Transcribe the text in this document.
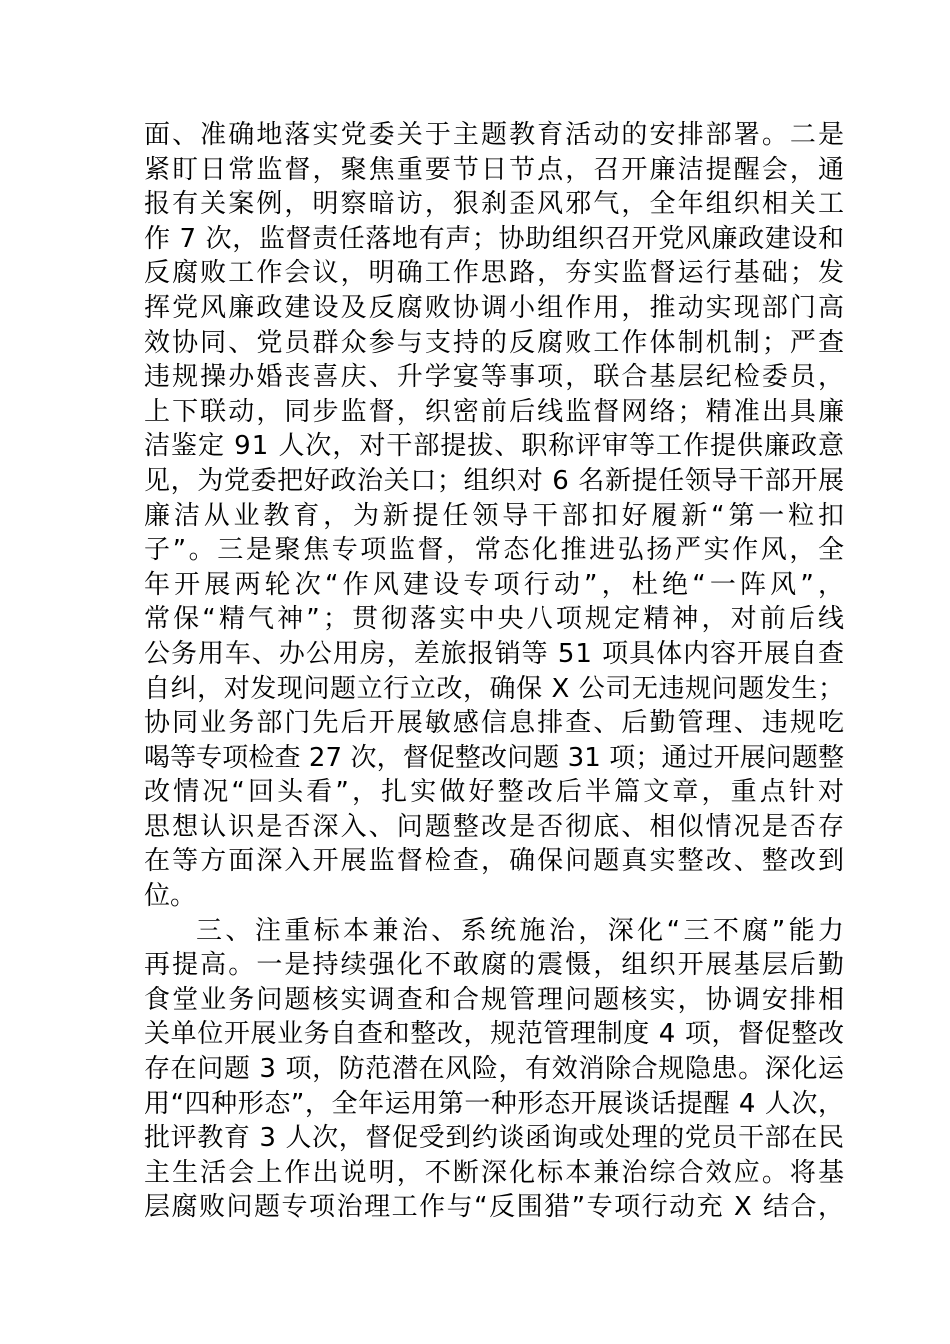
面、准确地落实党委关于主题教育活动的安排部署。二是
紧盯日常监督，聚焦重要节日节点，召开廉洁提醒会，通
报有关案例，明察暗访，狠刹歪风邪气，全年组织相关工
作 7 次，监督责任落地有声；协助组织召开党风廉政建设和
反腐败工作会议，明确工作思路，夯实监督运行基础；发
挥党风廉政建设及反腐败协调小组作用，推动实现部门高
效协同、党员群众参与支持的反腐败工作体制机制；严查
违规操办婚丧喜庆、升学宴等事项，联合基层纪检委员，
上下联动，同步监督，织密前后线监督网络；精准出具廉
洁鉴定 91 人次，对干部提拔、职称评审等工作提供廉政意
见，为党委把好政治关口；组织对 6 名新提任领导干部开展
廉洁从业教育，为新提任领导干部扣好履新“第一粒扣
子”。三是聚焦专项监督，常态化推进弘扬严实作风，全
年开展两轮次“作风建设专项行动”，杜绝“一阵风”，
常保“精气神”；贯彻落实中央八项规定精神，对前后线
公务用车、办公用房，差旅报销等 51 项具体内容开展自查
自纠，对发现问题立行立改，确保 X 公司无违规问题发生；
协同业务部门先后开展敏感信息排查、后勤管理、违规吃
喝等专项检查 27 次，督促整改问题 31 项；通过开展问题整
改情况“回头看”，扎实做好整改后半篇文章，重点针对
思想认识是否深入、问题整改是否彻底、相似情况是否存
在等方面深入开展监督检查，确保问题真实整改、整改到
位。
三、注重标本兼治、系统施治，深化“三不腐”能力
再提高。一是持续强化不敢腐的震慑，组织开展基层后勤
食堂业务问题核实调查和合规管理问题核实，协调安排相
关单位开展业务自查和整改，规范管理制度 4 项，督促整改
存在问题 3 项，防范潜在风险，有效消除合规隐患。深化运
用“四种形态”，全年运用第一种形态开展谈话提醒 4 人次，
批评教育 3 人次，督促受到约谈函询或处理的党员干部在民
主生活会上作出说明，不断深化标本兼治综合效应。将基
层腐败问题专项治理工作与“反围猎”专项行动充 X 结合，
